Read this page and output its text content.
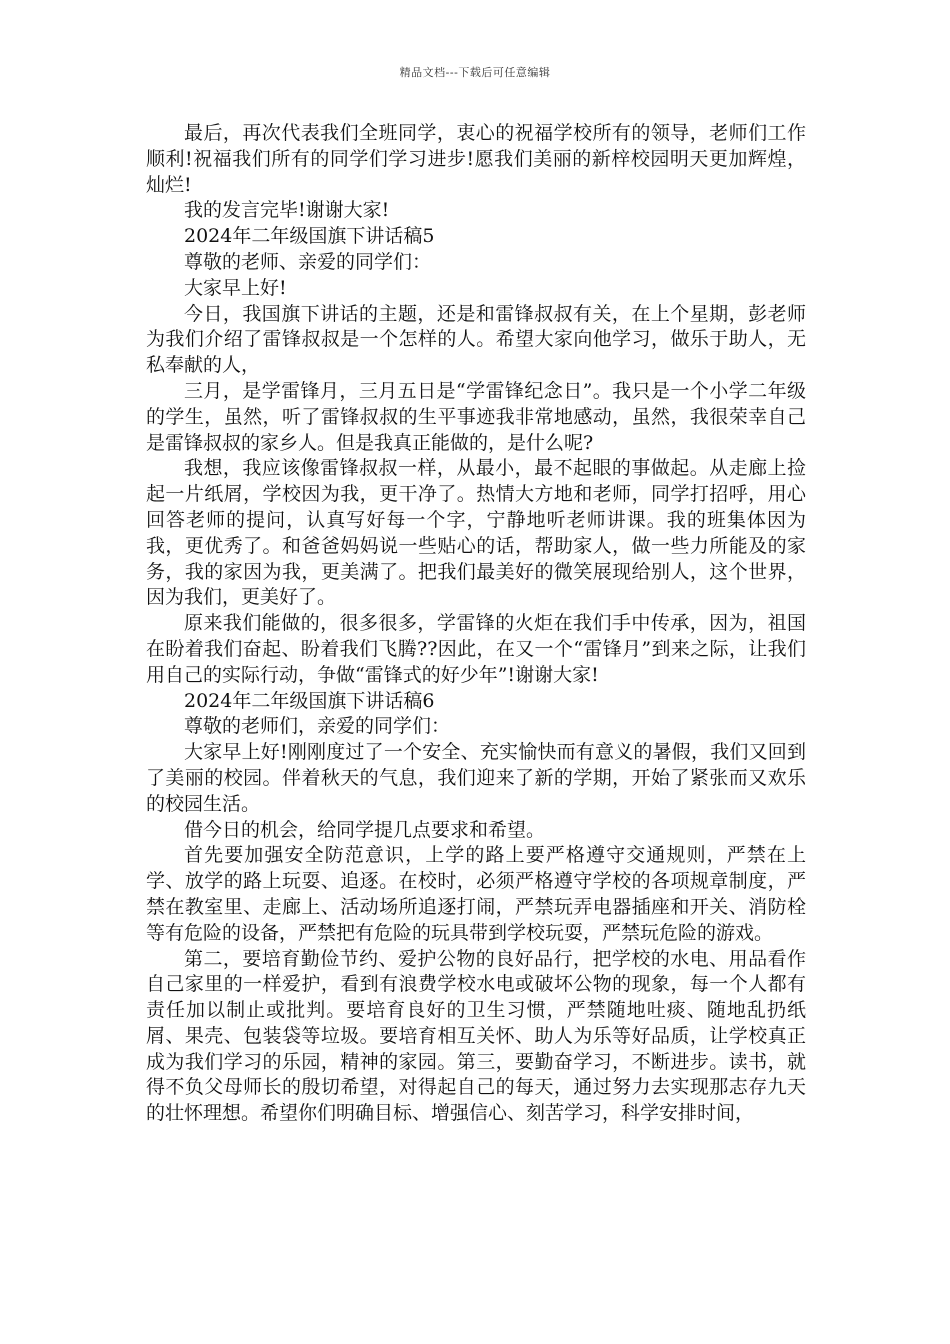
精品文档---下载后可任意编辑

最后，再次代表我们全班同学，衷心的祝福学校所有的领导，老师们工作顺利!祝福我们所有的同学们学习进步!愿我们美丽的新梓校园明天更加辉煌，灿烂!

我的发言完毕!谢谢大家!

2024年二年级国旗下讲话稿5

尊敬的老师、亲爱的同学们：

大家早上好!

今日，我国旗下讲话的主题，还是和雷锋叔叔有关，在上个星期，彭老师为我们介绍了雷锋叔叔是一个怎样的人。希望大家向他学习，做乐于助人，无私奉献的人，

三月，是学雷锋月，三月五日是“学雷锋纪念日”。我只是一个小学二年级的学生，虽然，听了雷锋叔叔的生平事迹我非常地感动，虽然，我很荣幸自己是雷锋叔叔的家乡人。但是我真正能做的，是什么呢?

我想，我应该像雷锋叔叔一样，从最小，最不起眼的事做起。从走廊上捡起一片纸屑，学校因为我，更干净了。热情大方地和老师，同学打招呼，用心回答老师的提问，认真写好每一个字，宁静地听老师讲课。我的班集体因为我，更优秀了。和爸爸妈妈说一些贴心的话，帮助家人，做一些力所能及的家务，我的家因为我，更美满了。把我们最美好的微笑展现给别人，这个世界，因为我们，更美好了。

原来我们能做的，很多很多，学雷锋的火炬在我们手中传承，因为，祖国在盼着我们奋起、盼着我们飞腾??因此，在又一个“雷锋月”到来之际，让我们用自己的实际行动，争做“雷锋式的好少年”!谢谢大家!

2024年二年级国旗下讲话稿6

尊敬的老师们，亲爱的同学们：

大家早上好!刚刚度过了一个安全、充实愉快而有意义的暑假，我们又回到了美丽的校园。伴着秋天的气息，我们迎来了新的学期，开始了紧张而又欢乐的校园生活。

借今日的机会，给同学提几点要求和希望。

首先要加强安全防范意识，上学的路上要严格遵守交通规则，严禁在上学、放学的路上玩耍、追逐。在校时，必须严格遵守学校的各项规章制度，严禁在教室里、走廊上、活动场所追逐打闹，严禁玩弄电器插座和开关、消防栓等有危险的设备，严禁把有危险的玩具带到学校玩耍，严禁玩危险的游戏。

第二，要培育勤俭节约、爱护公物的良好品行，把学校的水电、用品看作自己家里的一样爱护，看到有浪费学校水电或破坏公物的现象，每一个人都有责任加以制止或批判。要培育良好的卫生习惯，严禁随地吐痰、随地乱扔纸屑、果壳、包装袋等垃圾。要培育相互关怀、助人为乐等好品质，让学校真正成为我们学习的乐园，精神的家园。第三，要勤奋学习，不断进步。读书，就得不负父母师长的殷切希望，对得起自己的每天，通过努力去实现那志存九天的壮怀理想。希望你们明确目标、增强信心、刻苦学习，科学安排时间，
